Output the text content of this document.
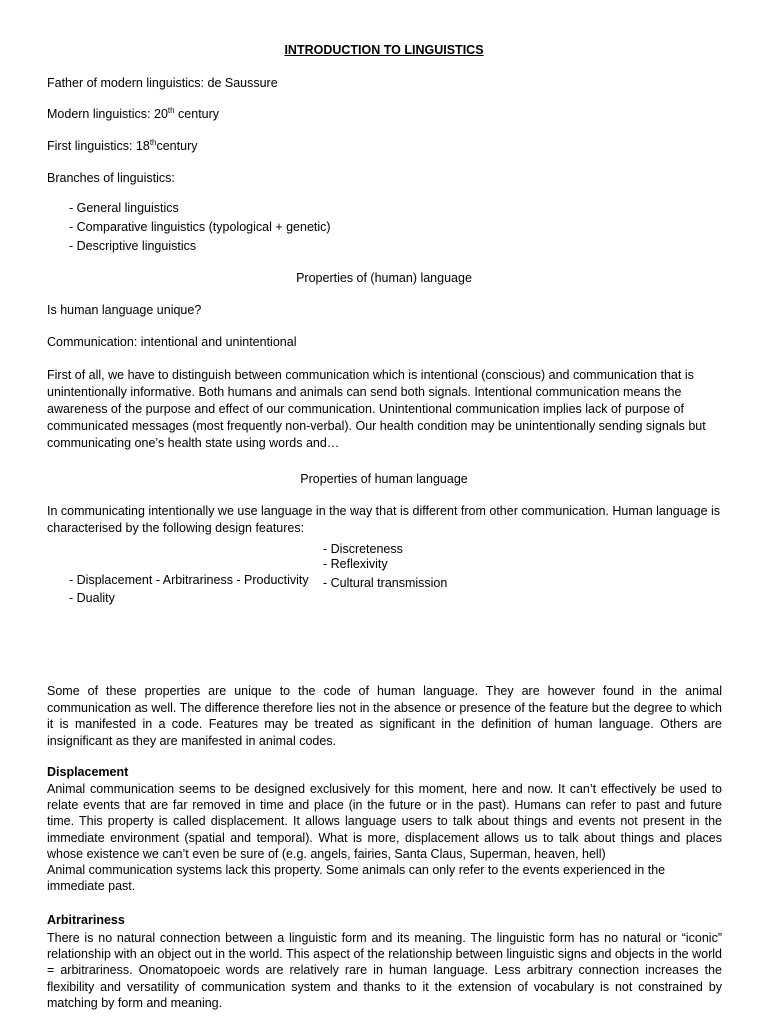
INTRODUCTION TO LINGUISTICS
Father of modern linguistics: de Saussure
Modern linguistics: 20th century
First linguistics: 18thcentury
Branches of linguistics:
- General linguistics
- Comparative linguistics (typological + genetic)
- Descriptive linguistics
Properties of (human) language
Is human language unique?
Communication: intentional and unintentional
First of all, we have to distinguish between communication which is intentional (conscious) and communication that is unintentionally informative. Both humans and animals can send both signals. Intentional communication means the awareness of the purpose and effect of our communication. Unintentional communication implies lack of purpose of communicated messages (most frequently non-verbal). Our health condition may be unintentionally sending signals but communicating one’s health state using words and…
Properties of human language
In communicating intentionally we use language in the way that is different from other communication. Human language is characterised by the following design features:
- Discreteness
- Reflexivity
- Cultural transmission
- Displacement - Arbitrariness - Productivity
- Duality
Some of these properties are unique to the code of human language. They are however found in the animal communication as well. The difference therefore lies not in the absence or presence of the feature but the degree to which it is manifested in a code. Features may be treated as significant in the definition of human language. Others are insignificant as they are manifested in animal codes.
Displacement
Animal communication seems to be designed exclusively for this moment, here and now. It can’t effectively be used to relate events that are far removed in time and place (in the future or in the past). Humans can refer to past and future time. This property is called displacement. It allows language users to talk about things and events not present in the immediate environment (spatial and temporal). What is more, displacement allows us to talk about things and places whose existence we can’t even be sure of (e.g. angels, fairies, Santa Claus, Superman, heaven, hell)
Animal communication systems lack this property. Some animals can only refer to the events experienced in the immediate past.
Arbitrariness
There is no natural connection between a linguistic form and its meaning. The linguistic form has no natural or “iconic” relationship with an object out in the world. This aspect of the relationship between linguistic signs and objects in the world = arbitrariness. Onomatopoeic words are relatively rare in human language. Less arbitrary connection increases the flexibility and versatility of communication system and thanks to it the extension of vocabulary is not constrained by matching by form and meaning.
